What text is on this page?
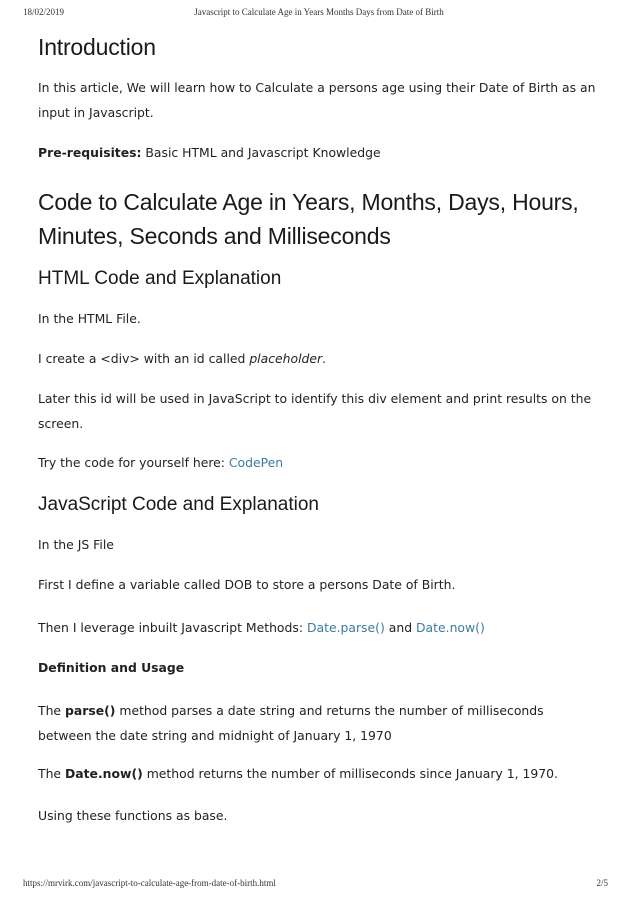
18/02/2019	Javascript to Calculate Age in Years Months Days from Date of Birth
Introduction

In this article, We will learn how to Calculate a persons age using their Date of Birth as an input in Javascript.

Pre-requisites: Basic HTML and Javascript Knowledge

Code to Calculate Age in Years, Months, Days, Hours, Minutes, Seconds and Milliseconds
HTML Code and Explanation

In the HTML File.

I create a <div> with an id called placeholder.

Later this id will be used in JavaScript to identify this div element and print results on the screen.

Try the code for yourself here: CodePen

JavaScript Code and Explanation

In the JS File

First I define a variable called DOB to store a persons Date of Birth.

Then I leverage inbuilt Javascript Methods: Date.parse() and Date.now()

Definition and Usage

The parse() method parses a date string and returns the number of milliseconds between the date string and midnight of January 1, 1970

The Date.now() method returns the number of milliseconds since January 1, 1970.

Using these functions as base.

https://mrvirk.com/javascript-to-calculate-age-from-date-of-birth.html	2/5
